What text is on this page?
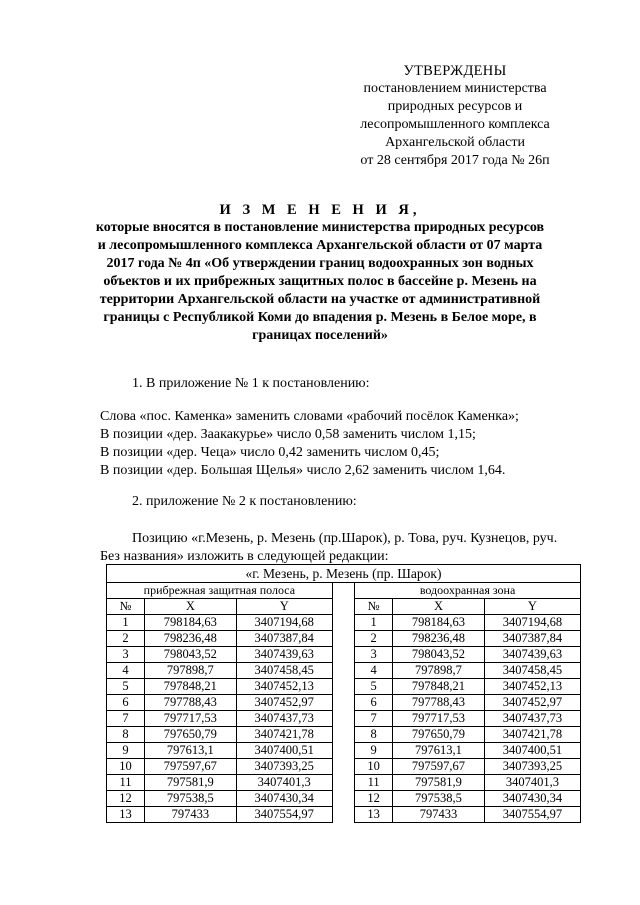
УТВЕРЖДЕНЫ
постановлением министерства
природных ресурсов и
лесопромышленного комплекса
Архангельской области
от 28 сентября 2017 года № 26п
И З М Е Н Е Н И Я,
которые вносятся в постановление министерства природных ресурсов
и лесопромышленного комплекса Архангельской области от 07 марта
2017 года № 4п «Об утверждении границ водоохранных зон водных
объектов и их прибрежных защитных полос в бассейне р. Мезень на
территории Архангельской области на участке от административной
границы с Республикой Коми до впадения р. Мезень в Белое море, в
границах поселений»
1. В приложение № 1 к постановлению:
Слова «пос. Каменка» заменить словами «рабочий посёлок Каменка»;
В позиции «дер. Заакакурье» число 0,58 заменить числом 1,15;
В позиции «дер. Чеца» число 0,42 заменить числом 0,45;
В позиции «дер. Большая Щелья» число 2,62 заменить числом 1,64.
2. приложение № 2 к постановлению:
Позицию «г.Мезень, р. Мезень (пр.Шарок), р. Това, руч. Кузнецов, руч.
Без названия» изложить в следующей редакции:
«г. Мезень, р. Мезень (пр. Шарок)						
прибрежная защитная полоса				водоохранная зона		
№	X	Y		№	X	Y
1	798184,63	3407194,68		1	798184,63	3407194,68
2	798236,48	3407387,84		2	798236,48	3407387,84
3	798043,52	3407439,63		3	798043,52	3407439,63
4	797898,7	3407458,45		4	797898,7	3407458,45
5	797848,21	3407452,13		5	797848,21	3407452,13
6	797788,43	3407452,97		6	797788,43	3407452,97
7	797717,53	3407437,73		7	797717,53	3407437,73
8	797650,79	3407421,78		8	797650,79	3407421,78
9	797613,1	3407400,51		9	797613,1	3407400,51
10	797597,67	3407393,25		10	797597,67	3407393,25
11	797581,9	3407401,3		11	797581,9	3407401,3
12	797538,5	3407430,34		12	797538,5	3407430,34
13	797433	3407554,97		13	797433	3407554,97
